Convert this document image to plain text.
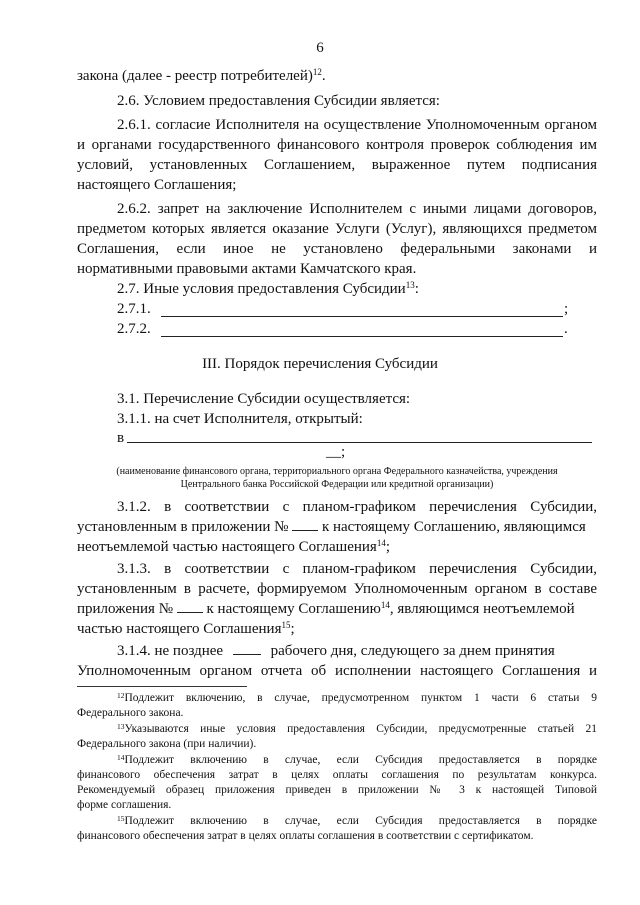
6
закона (далее - реестр потребителей)$^{12}$.
2.6. Условием предоставления Субсидии является:
2.6.1. согласие Исполнителя на осуществление Уполномоченным органом
и органами государственного финансового контроля проверок соблюдения им
условий, установленных Соглашением, выраженное путем подписания
настоящего Соглашения;
2.6.2. запрет на заключение Исполнителем с иными лицами договоров,
предметом которых является оказание Услуги (Услуг), являющихся предметом
Соглашения, если иное не установлено федеральными законами и
нормативными правовыми актами Камчатского края.
2.7. Иные условия предоставления Субсидии$^{13}$:
2.7.1.	;
2.7.2.	.
III. Порядок перечисления Субсидии
3.1. Перечисление Субсидии осуществляется:
3.1.1. на счет Исполнителя, открытый:
в
__;
(наименование финансового органа, территориального органа Федерального казначейства, учреждения
Центрального банка Российской Федерации или кредитной организации)
3.1.2. в соответствии с планом-графиком перечисления Субсидии,
установленным в приложении № к настоящему Соглашению, являющимся
неотъемлемой частью настоящего Соглашения$^{14}$;
3.1.3. в соответствии с планом-графиком перечисления Субсидии,
установленным в расчете, формируемом Уполномоченным органом в составе
приложения № к настоящему Соглашению$^{14}$, являющимся неотъемлемой
частью настоящего Соглашения$^{15}$;
3.1.4. не позднее	рабочего дня, следующего за днем принятия
Уполномоченным органом отчета об исполнении настоящего Соглашения и
$^{12}$Подлежит включению, в случае, предусмотренном пунктом 1 части 6 статьи 9
Федерального закона.
$^{13}$Указываются иные условия предоставления Субсидии, предусмотренные статьей 21
Федерального закона (при наличии).
$^{14}$Подлежит включению в случае, если Субсидия предоставляется в порядке
финансового обеспечения затрат в целях оплаты соглашения по результатам конкурса.
Рекомендуемый образец приложения приведен в приложении № 3 к настоящей Типовой
форме соглашения.
$^{15}$Подлежит включению в случае, если Субсидия предоставляется в порядке
финансового обеспечения затрат в целях оплаты соглашения в соответствии с сертификатом.
